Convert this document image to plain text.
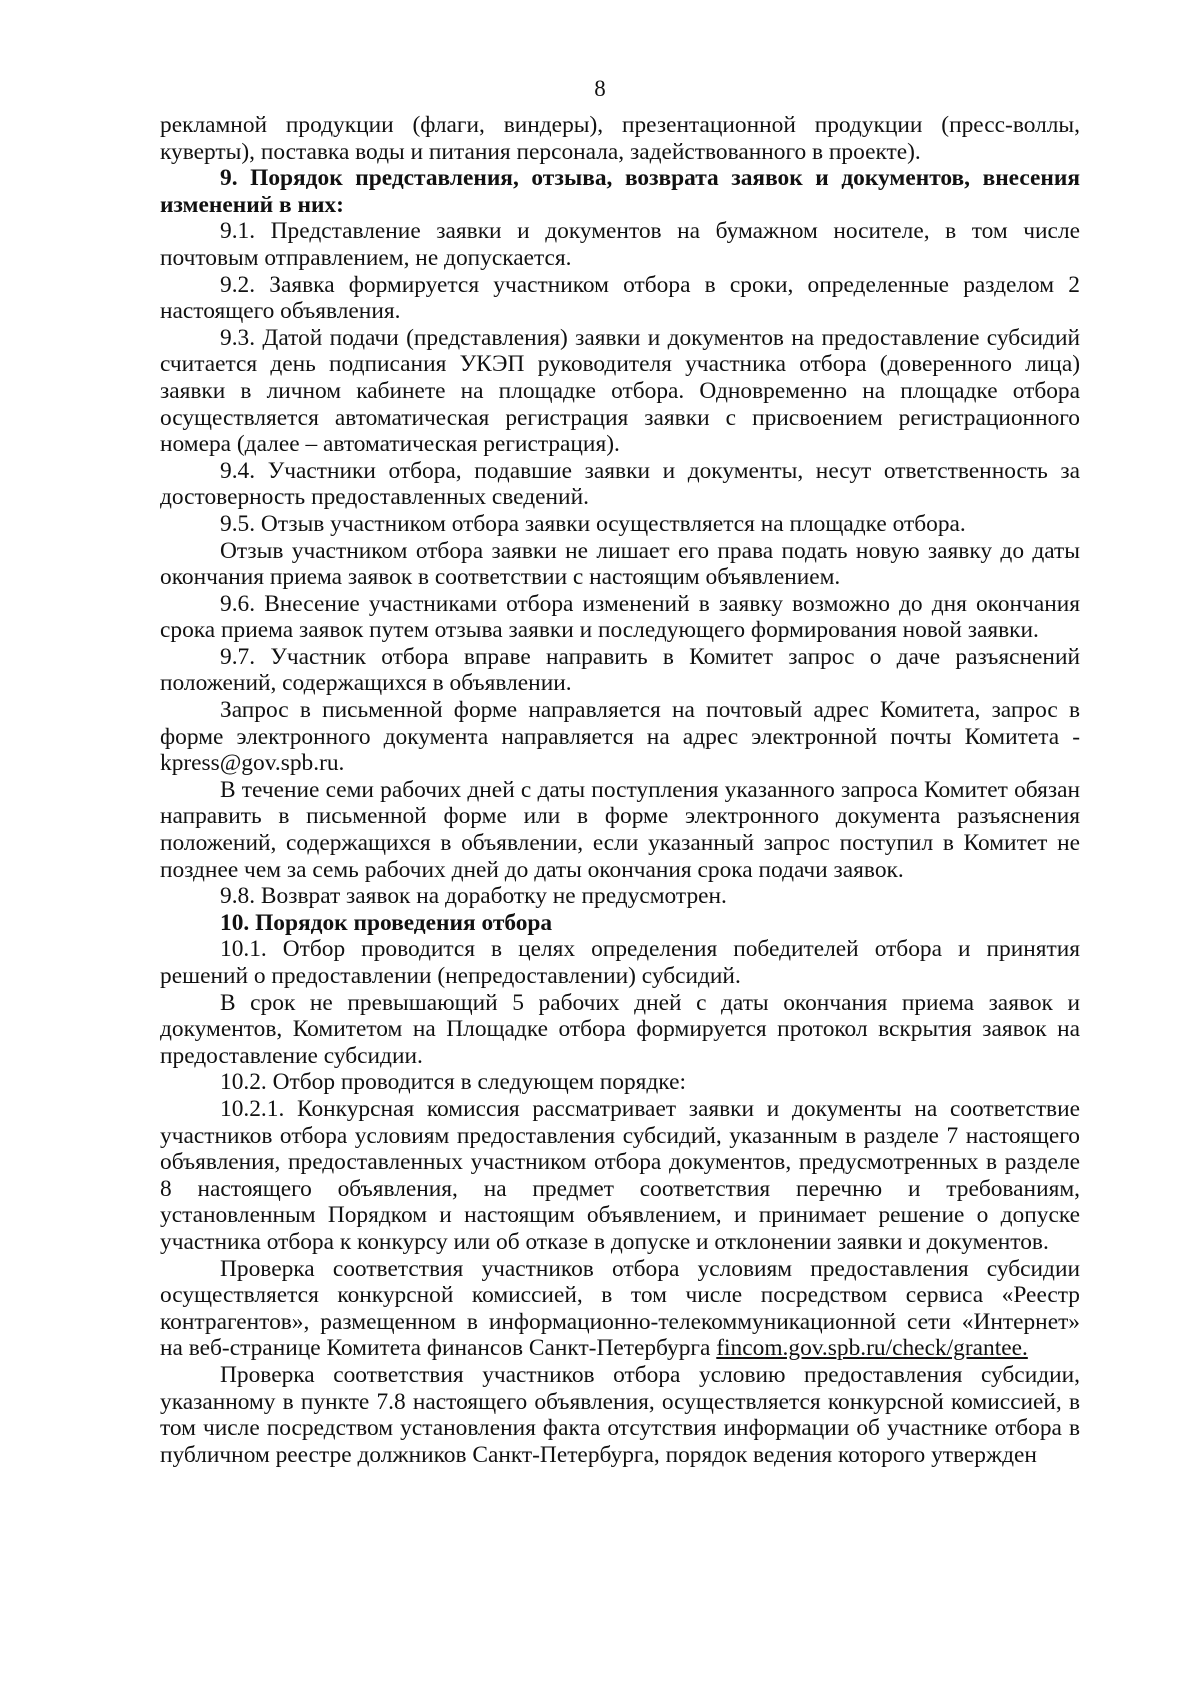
8

рекламной продукции (флаги, виндеры), презентационной продукции (пресс-воллы, куверты), поставка воды и питания персонала, задействованного в проекте).

9. Порядок представления, отзыва, возврата заявок и документов, внесения изменений в них:

9.1. Представление заявки и документов на бумажном носителе, в том числе почтовым отправлением, не допускается.

9.2. Заявка формируется участником отбора в сроки, определенные разделом 2 настоящего объявления.

9.3. Датой подачи (представления) заявки и документов на предоставление субсидий считается день подписания УКЭП руководителя участника отбора (доверенного лица) заявки в личном кабинете на площадке отбора. Одновременно на площадке отбора осуществляется автоматическая регистрация заявки с присвоением регистрационного номера (далее – автоматическая регистрация).

9.4. Участники отбора, подавшие заявки и документы, несут ответственность за достоверность предоставленных сведений.

9.5. Отзыв участником отбора заявки осуществляется на площадке отбора.

Отзыв участником отбора заявки не лишает его права подать новую заявку до даты окончания приема заявок в соответствии с настоящим объявлением.

9.6. Внесение участниками отбора изменений в заявку возможно до дня окончания срока приема заявок путем отзыва заявки и последующего формирования новой заявки.

9.7. Участник отбора вправе направить в Комитет запрос о даче разъяснений положений, содержащихся в объявлении.

Запрос в письменной форме направляется на почтовый адрес Комитета, запрос в форме электронного документа направляется на адрес электронной почты Комитета - kpress@gov.spb.ru.

В течение семи рабочих дней с даты поступления указанного запроса Комитет обязан направить в письменной форме или в форме электронного документа разъяснения положений, содержащихся в объявлении, если указанный запрос поступил в Комитет не позднее чем за семь рабочих дней до даты окончания срока подачи заявок.

9.8. Возврат заявок на доработку не предусмотрен.

10. Порядок проведения отбора

10.1. Отбор проводится в целях определения победителей отбора и принятия решений о предоставлении (непредоставлении) субсидий.

В срок не превышающий 5 рабочих дней с даты окончания приема заявок и документов, Комитетом на Площадке отбора формируется протокол вскрытия заявок на предоставление субсидии.

10.2. Отбор проводится в следующем порядке:

10.2.1. Конкурсная комиссия рассматривает заявки и документы на соответствие участников отбора условиям предоставления субсидий, указанным в разделе 7 настоящего объявления, предоставленных участником отбора документов, предусмотренных в разделе 8 настоящего объявления, на предмет соответствия перечню и требованиям, установленным Порядком и настоящим объявлением, и принимает решение о допуске участника отбора к конкурсу или об отказе в допуске и отклонении заявки и документов.

Проверка соответствия участников отбора условиям предоставления субсидии осуществляется конкурсной комиссией, в том числе посредством сервиса «Реестр контрагентов», размещенном в информационно-телекоммуникационной сети «Интернет» на веб-странице Комитета финансов Санкт-Петербурга fincom.gov.spb.ru/check/grantee.

Проверка соответствия участников отбора условию предоставления субсидии, указанному в пункте 7.8 настоящего объявления, осуществляется конкурсной комиссией, в том числе посредством установления факта отсутствия информации об участнике отбора в публичном реестре должников Санкт-Петербурга, порядок ведения которого утвержден
